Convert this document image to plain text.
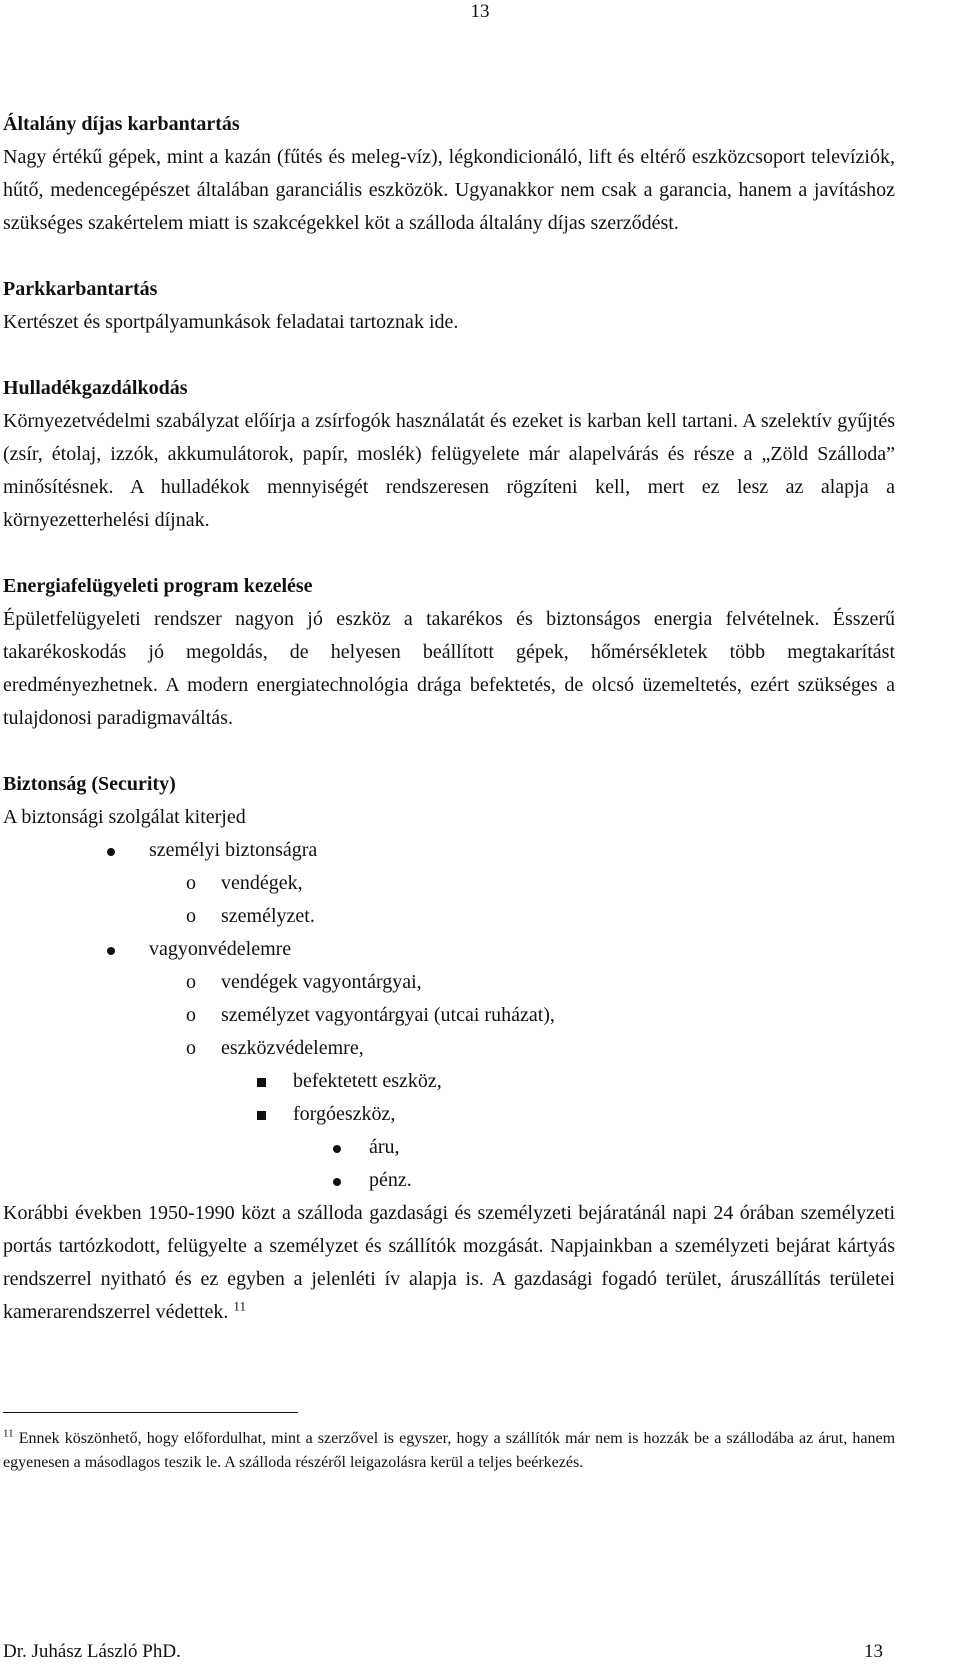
13

Általány díjas karbantartás

Nagy értékű gépek, mint a kazán (fűtés és meleg-víz), légkondicionáló, lift és eltérő eszközcsoport televíziók, hűtő, medencegépészet általában garanciális eszközök. Ugyanakkor nem csak a garancia, hanem a javításhoz szükséges szakértelem miatt is szakcégekkel köt a szálloda általány díjas szerződést.

Parkkarbantartás

Kertészet és sportpályamunkások feladatai tartoznak ide.

Hulladékgazdálkodás

Környezetvédelmi szabályzat előírja a zsírfogók használatát és ezeket is karban kell tartani. A szelektív gyűjtés (zsír, étolaj, izzók, akkumulátorok, papír, moslék) felügyelete már alapelvárás és része a „Zöld Szálloda” minősítésnek. A hulladékok mennyiségét rendszeresen rögzíteni kell, mert ez lesz az alapja a környezetterhelési díjnak.

Energiafelügyeleti program kezelése

Épületfelügyeleti rendszer nagyon jó eszköz a takarékos és biztonságos energia felvételnek. Ésszerű takarékoskodás jó megoldás, de helyesen beállított gépek, hőmérsékletek több megtakarítást eredményezhetnek. A modern energiatechnológia drága befektetés, de olcsó üzemeltetés, ezért szükséges a tulajdonosi paradigmaváltás.

Biztonság (Security)

A biztonsági szolgálat kiterjed

személyi biztonságra
o vendégek,
o személyzet.
vagyonvédelemre
o vendégek vagyontárgyai,
o személyzet vagyontárgyai (utcai ruházat),
o eszközvédelemre,
befektetett eszköz,
forgóeszköz,
áru,
pénz.

Korábbi években 1950-1990 közt a szálloda gazdasági és személyzeti bejáratánál napi 24 órában személyzeti portás tartózkodott, felügyelte a személyzet és szállítók mozgását. Napjainkban a személyzeti bejárat kártyás rendszerrel nyitható és ez egyben a jelenléti ív alapja is. A gazdasági fogadó terület, áruszállítás területei kamerarendszerrel védettek. $^{11}$

$^{11}$ Ennek köszönhető, hogy előfordulhat, mint a szerzővel is egyszer, hogy a szállítók már nem is hozzák be a szállodába az árut, hanem egyenesen a másodlagos teszik le. A szálloda részéről leigazolásra kerül a teljes beérkezés.

Dr. Juhász László PhD.	13
